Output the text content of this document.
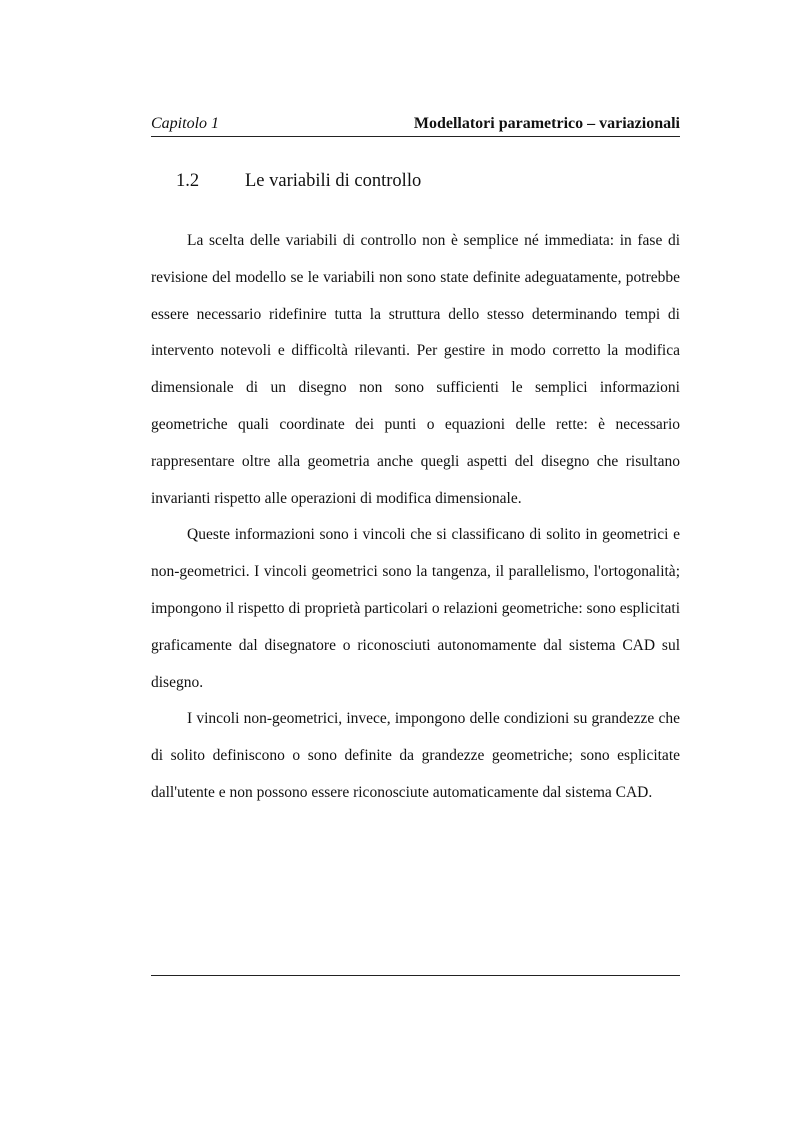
Capitolo 1	Modellatori parametrico – variazionali
1.2 Le variabili di controllo

La scelta delle variabili di controllo non è semplice né immediata: in fase di revisione del modello se le variabili non sono state definite adeguatamente, potrebbe essere necessario ridefinire tutta la struttura dello stesso determinando tempi di intervento notevoli e difficoltà rilevanti. Per gestire in modo corretto la modifica dimensionale di un disegno non sono sufficienti le semplici informazioni geometriche quali coordinate dei punti o equazioni delle rette: è necessario rappresentare oltre alla geometria anche quegli aspetti del disegno che risultano invarianti rispetto alle operazioni di modifica dimensionale.

Queste informazioni sono i vincoli che si classificano di solito in geometrici e non-geometrici. I vincoli geometrici sono la tangenza, il parallelismo, l'ortogonalità; impongono il rispetto di proprietà particolari o relazioni geometriche: sono esplicitati graficamente dal disegnatore o riconosciuti autonomamente dal sistema CAD sul disegno.

I vincoli non-geometrici, invece, impongono delle condizioni su grandezze che di solito definiscono o sono definite da grandezze geometriche; sono esplicitate dall'utente e non possono essere riconosciute automaticamente dal sistema CAD.
